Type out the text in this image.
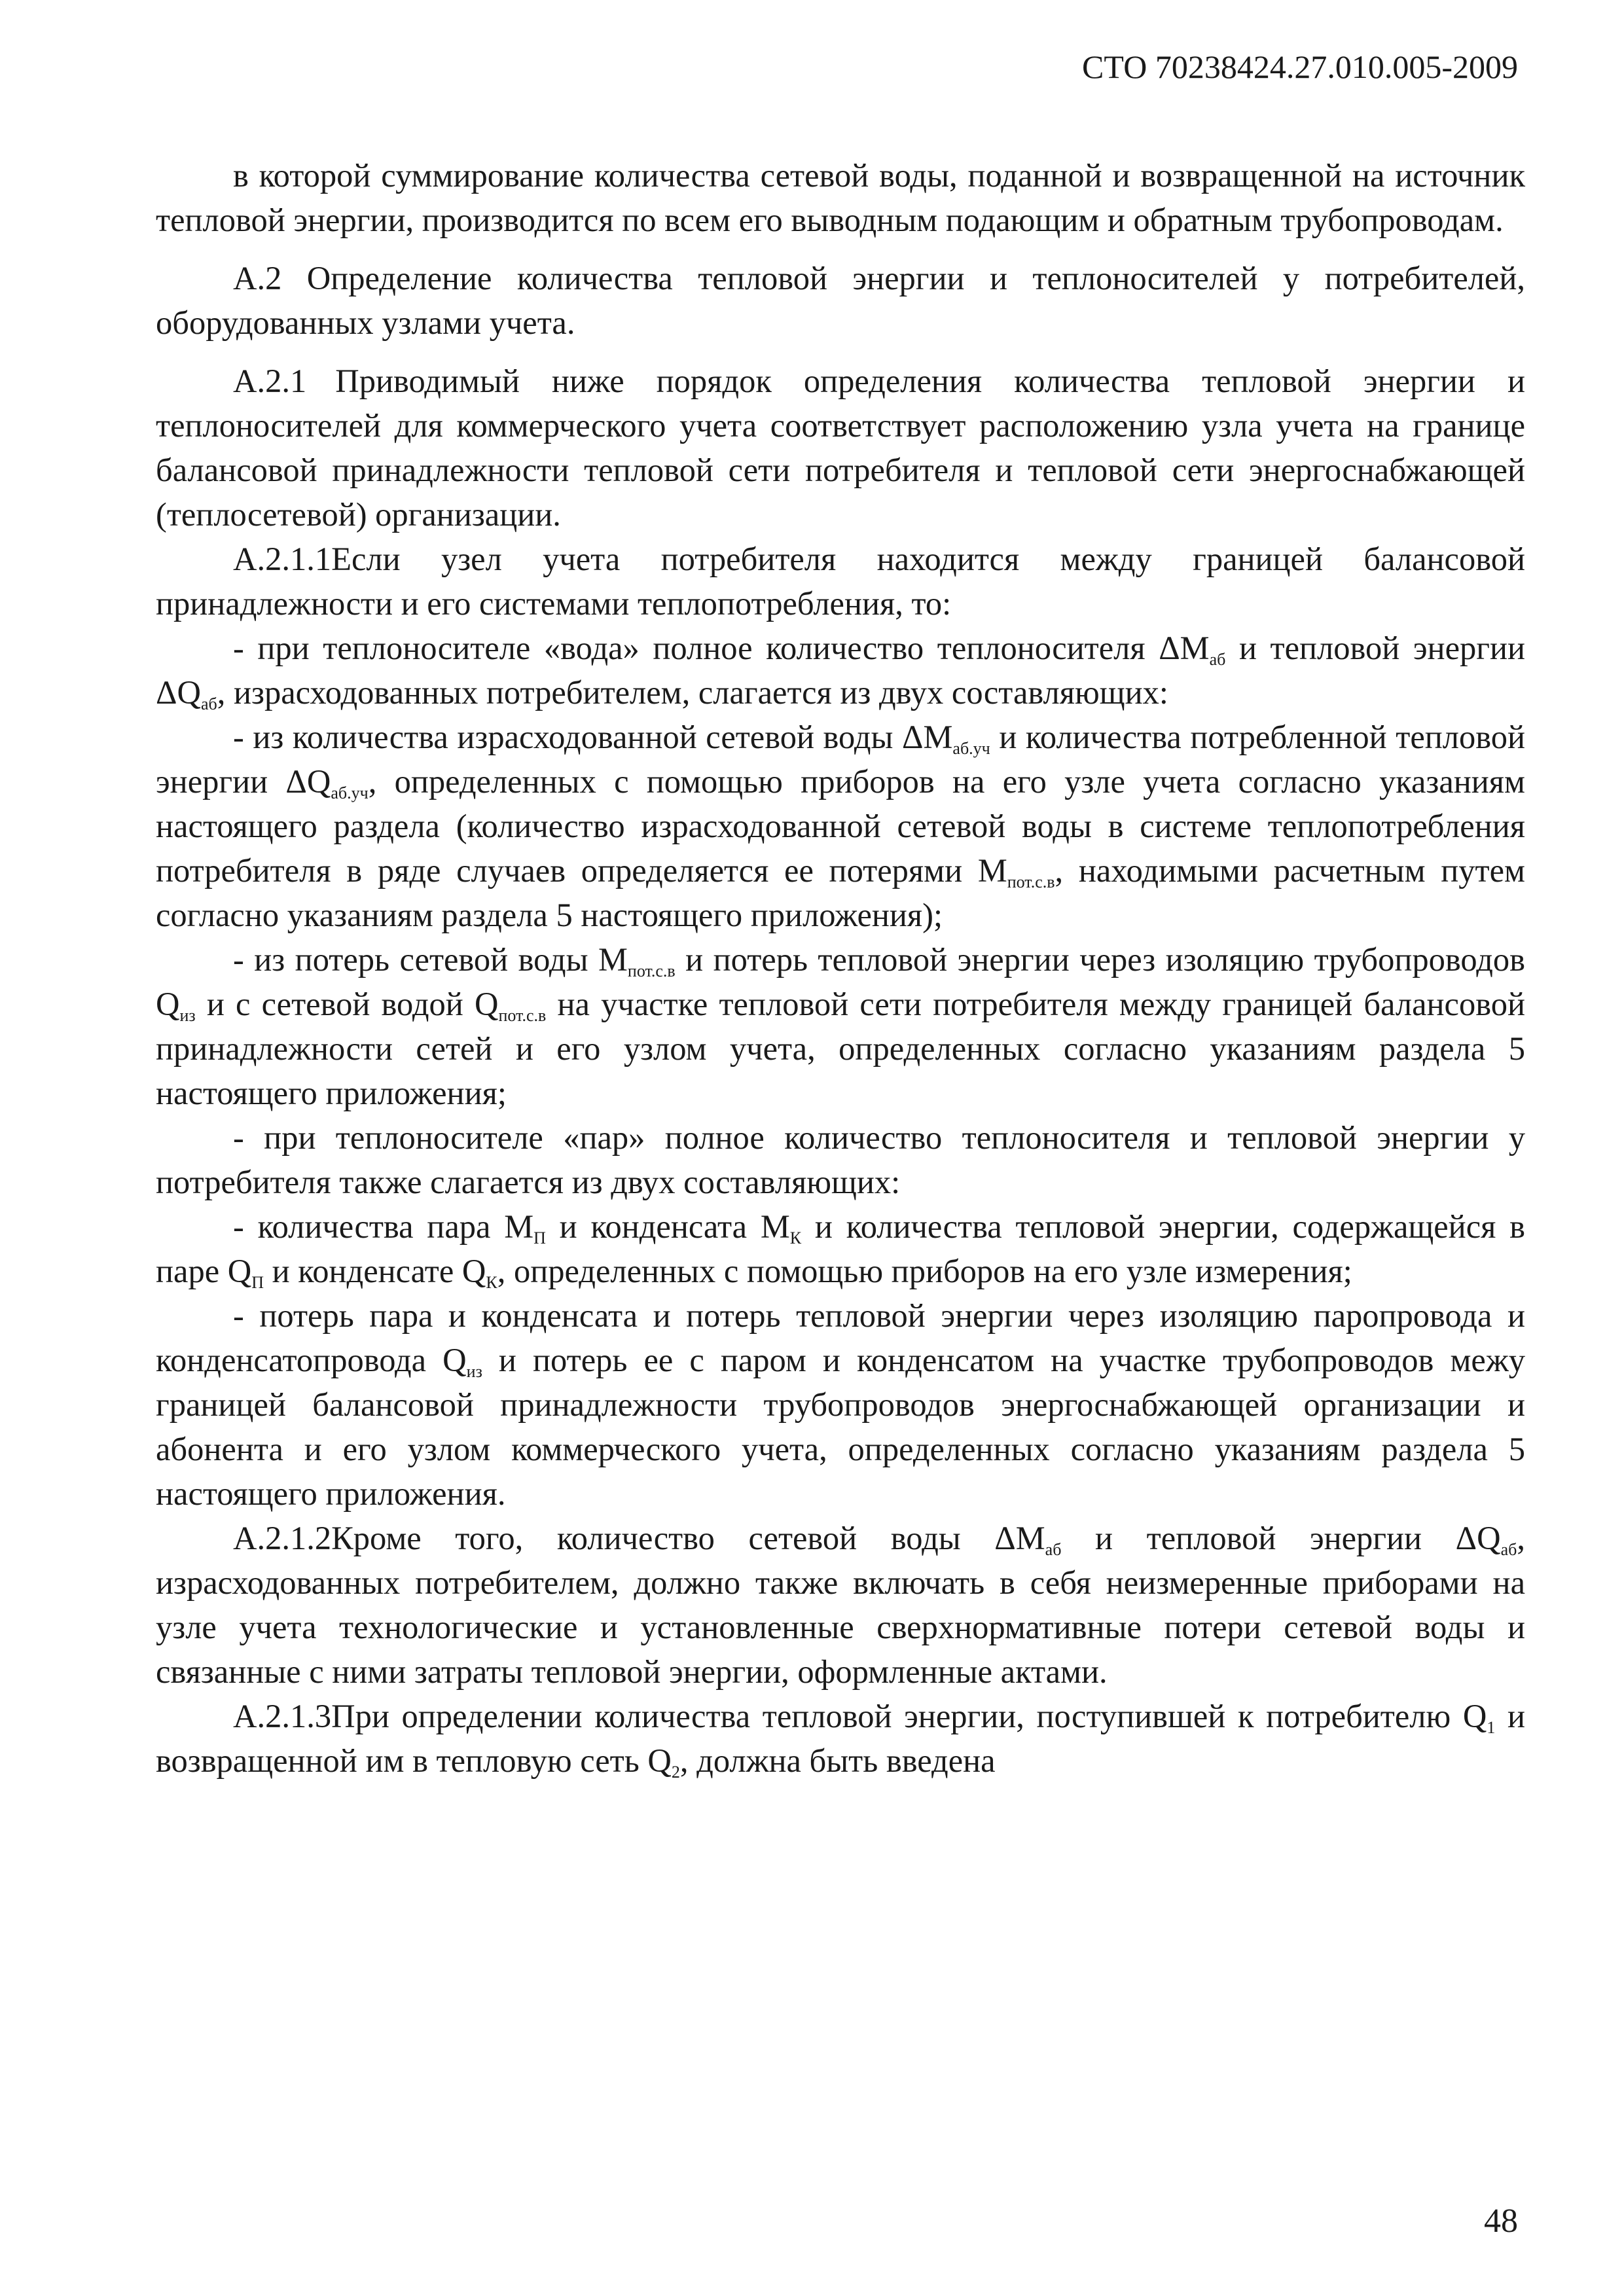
СТО 70238424.27.010.005-2009

в которой суммирование количества сетевой воды, поданной и возвращенной на источник тепловой энергии, производится по всем его выводным подающим и обратным трубопроводам.

А.2 Определение количества тепловой энергии и теплоносителей у потребителей, оборудованных узлами учета.

А.2.1 Приводимый ниже порядок определения количества тепловой энергии и теплоносителей для коммерческого учета соответствует расположению узла учета на границе балансовой принадлежности тепловой сети потребителя и тепловой сети энергоснабжающей (теплосетевой) организации.

А.2.1.1Если узел учета потребителя находится между границей балансовой принадлежности и его системами теплопотребления, то:

- при теплоносителе «вода» полное количество теплоносителя $\Delta M_{аб}$ и тепловой энергии $\Delta Q_{аб}$, израсходованных потребителем, слагается из двух составляющих:

- из количества израсходованной сетевой воды $\Delta M_{аб.уч}$ и количества потребленной тепловой энергии $\Delta Q_{аб.уч}$, определенных с помощью приборов на его узле учета согласно указаниям настоящего раздела (количество израсходованной сетевой воды в системе теплопотребления потребителя в ряде случаев определяется ее потерями $M_{пот.с.в}$, находимыми расчетным путем согласно указаниям раздела 5 настоящего приложения);

- из потерь сетевой воды $M_{пот.с.в}$ и потерь тепловой энергии через изоляцию трубопроводов $Q_{из}$ и с сетевой водой $Q_{пот.с.в}$ на участке тепловой сети потребителя между границей балансовой принадлежности сетей и его узлом учета, определенных согласно указаниям раздела 5 настоящего приложения;

- при теплоносителе «пар» полное количество теплоносителя и тепловой энергии у потребителя также слагается из двух составляющих:

- количества пара $M_П$ и конденсата $M_К$ и количества тепловой энергии, содержащейся в паре $Q_П$ и конденсате $Q_К$, определенных с помощью приборов на его узле измерения;

- потерь пара и конденсата и потерь тепловой энергии через изоляцию паропровода и конденсатопровода $Q_{из}$ и потерь ее с паром и конденсатом на участке трубопроводов межу границей балансовой принадлежности трубопроводов энергоснабжающей организации и абонента и его узлом коммерческого учета, определенных согласно указаниям раздела 5 настоящего приложения.

А.2.1.2Кроме того, количество сетевой воды $\Delta M_{аб}$ и тепловой энергии $\Delta Q_{аб}$, израсходованных потребителем, должно также включать в себя неизмеренные приборами на узле учета технологические и установленные сверхнормативные потери сетевой воды и связанные с ними затраты тепловой энергии, оформленные актами.

А.2.1.3При определении количества тепловой энергии, поступившей к потребителю $Q_1$ и возвращенной им в тепловую сеть $Q_2$, должна быть введена

48
